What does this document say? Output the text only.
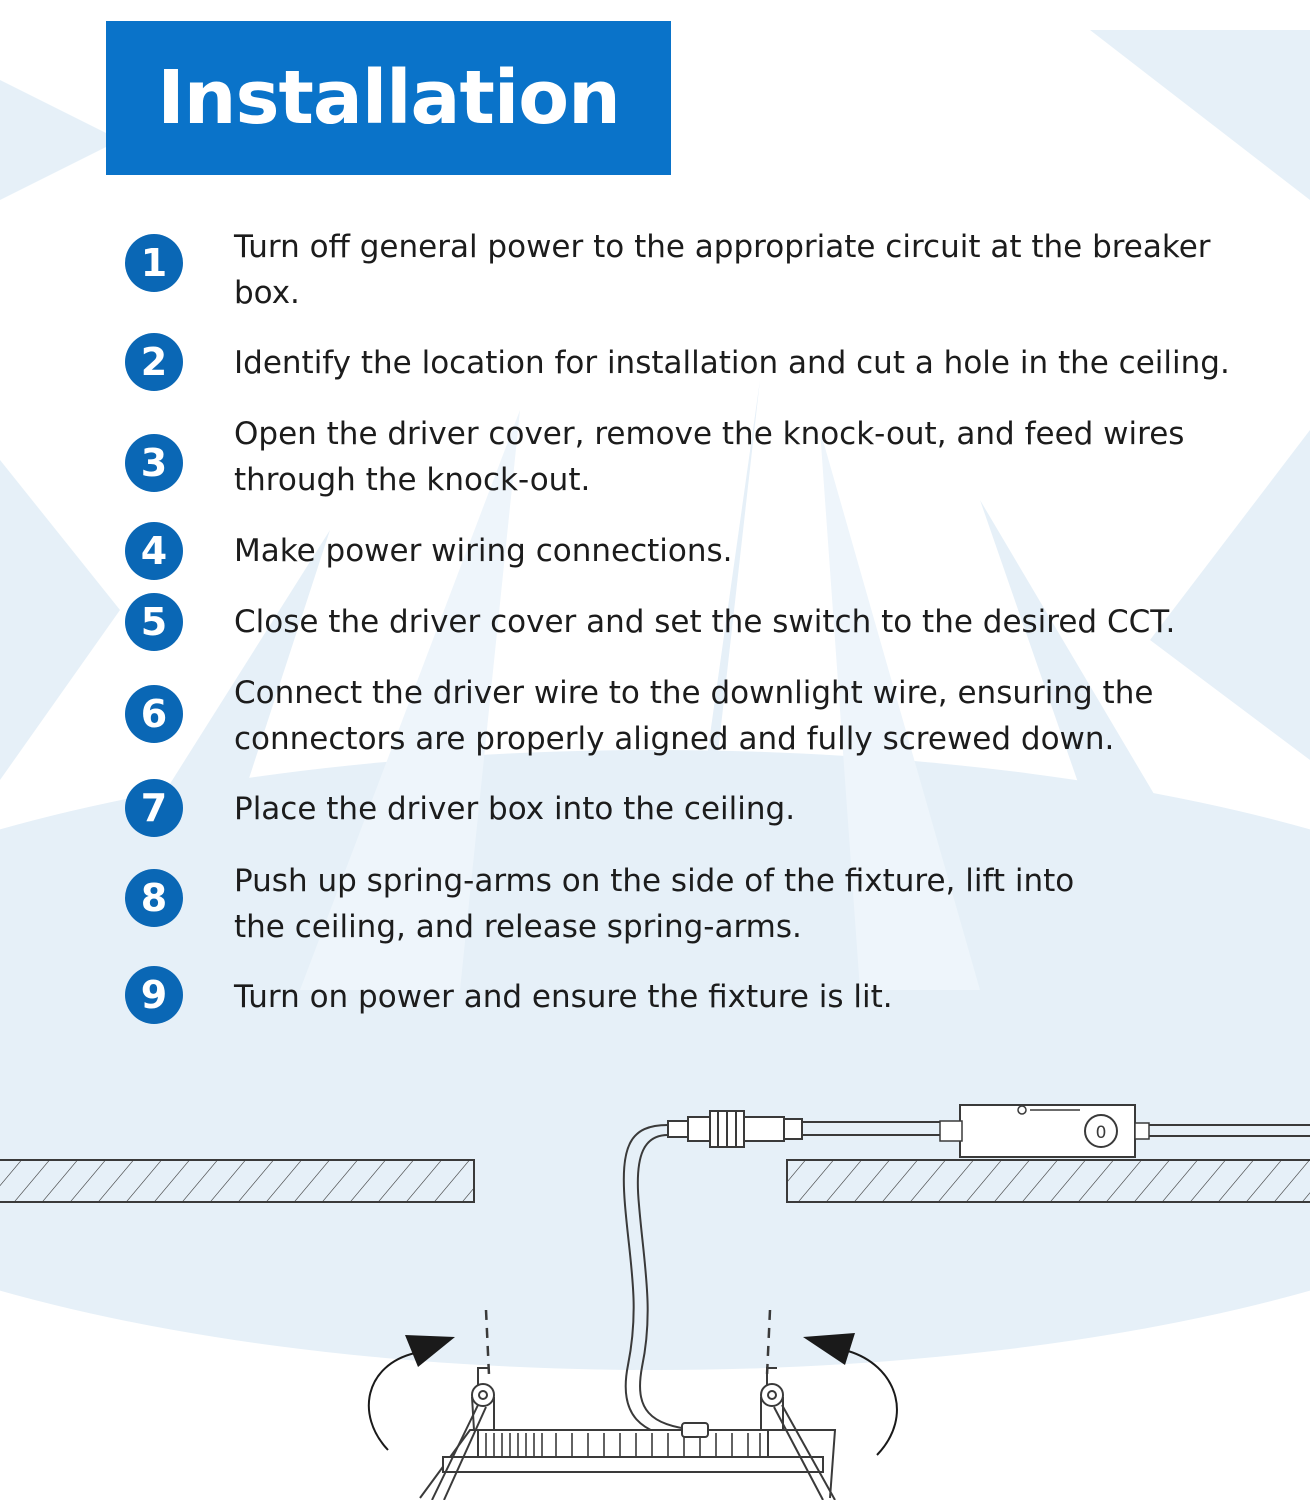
Installation
1	Turn off general power to the appropriate circuit at the breaker box.

2	Identify the location for installation and cut a hole in the ceiling.

3

Open the driver cover, remove the knock-out, and feed wires through the knock-out.

4	Make power wiring connections.

5	Close the driver cover and set the switch to the desired CCT.

6	Connect the driver wire to the downlight wire, ensuring the connectors are properly aligned and fully screwed down.

7	Place the driver box into the ceiling.

8	Push up spring-arms on the side of the fixture, lift into the ceiling, and release spring-arms.

9	Turn on power and ensure the fixture is lit.

0
